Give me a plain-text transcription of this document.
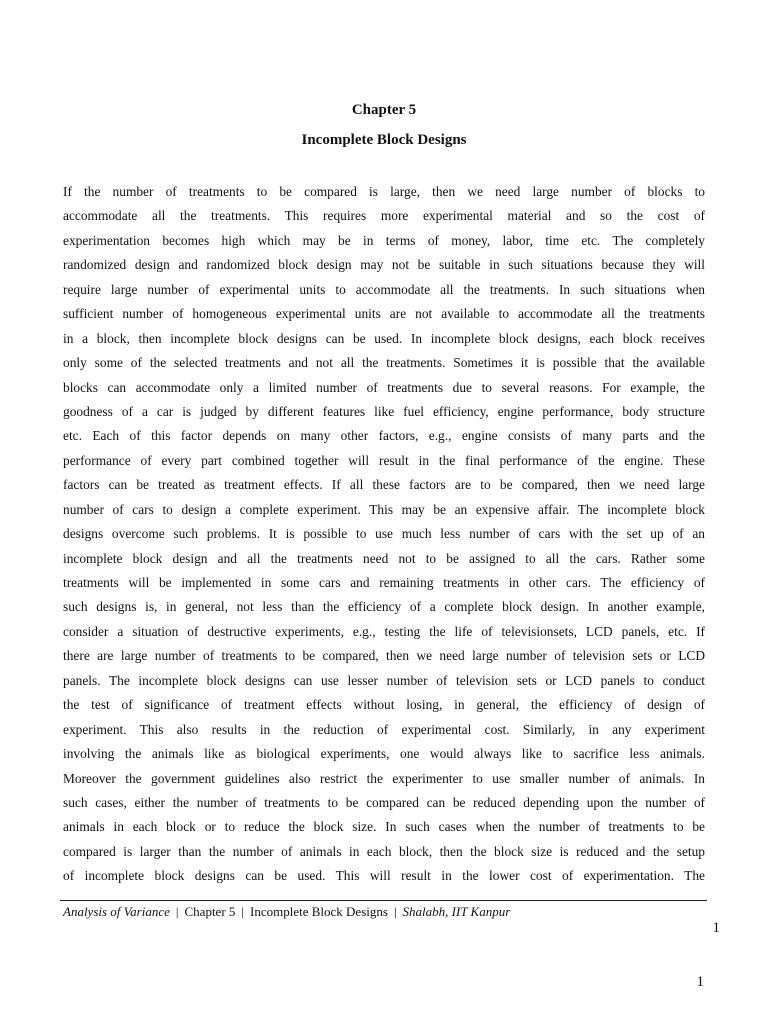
Chapter 5
Incomplete Block Designs
If the number of treatments to be compared is large, then we need large number of blocks to
accommodate all the treatments. This requires more experimental material and so the cost of
experimentation becomes high which may be in terms of money, labor, time etc. The completely
randomized design and randomized block design may not be suitable in such situations because they will
require large number of experimental units to accommodate all the treatments. In such situations when
sufficient number of homogeneous experimental units are not available to accommodate all the treatments
in a block, then incomplete block designs can be used. In incomplete block designs, each block receives
only some of the selected treatments and not all the treatments. Sometimes it is possible that the available
blocks can accommodate only a limited number of treatments due to several reasons. For example, the
goodness of a car is judged by different features like fuel efficiency, engine performance, body structure
etc. Each of this factor depends on many other factors, e.g., engine consists of many parts and the
performance of every part combined together will result in the final performance of the engine. These
factors can be treated as treatment effects. If all these factors are to be compared, then we need large
number of cars to design a complete experiment. This may be an expensive affair. The incomplete block
designs overcome such problems. It is possible to use much less number of cars with the set up of an
incomplete block design and all the treatments need not to be assigned to all the cars. Rather some
treatments will be implemented in some cars and remaining treatments in other cars. The efficiency of
such designs is, in general, not less than the efficiency of a complete block design. In another example,
consider a situation of destructive experiments, e.g., testing the life of televisionsets, LCD panels, etc. If
there are large number of treatments to be compared, then we need large number of television sets or LCD
panels. The incomplete block designs can use lesser number of television sets or LCD panels to conduct
the test of significance of treatment effects without losing, in general, the efficiency of design of
experiment. This also results in the reduction of experimental cost. Similarly, in any experiment
involving the animals like as biological experiments, one would always like to sacrifice less animals.
Moreover the government guidelines also restrict the experimenter to use smaller number of animals. In
such cases, either the number of treatments to be compared can be reduced depending upon the number of
animals in each block or to reduce the block size. In such cases when the number of treatments to be
compared is larger than the number of animals in each block, then the block size is reduced and the setup
of incomplete block designs can be used. This will result in the lower cost of experimentation. The
Analysis of Variance | Chapter 5 | Incomplete Block Designs | Shalabh, IIT Kanpur
1
1
